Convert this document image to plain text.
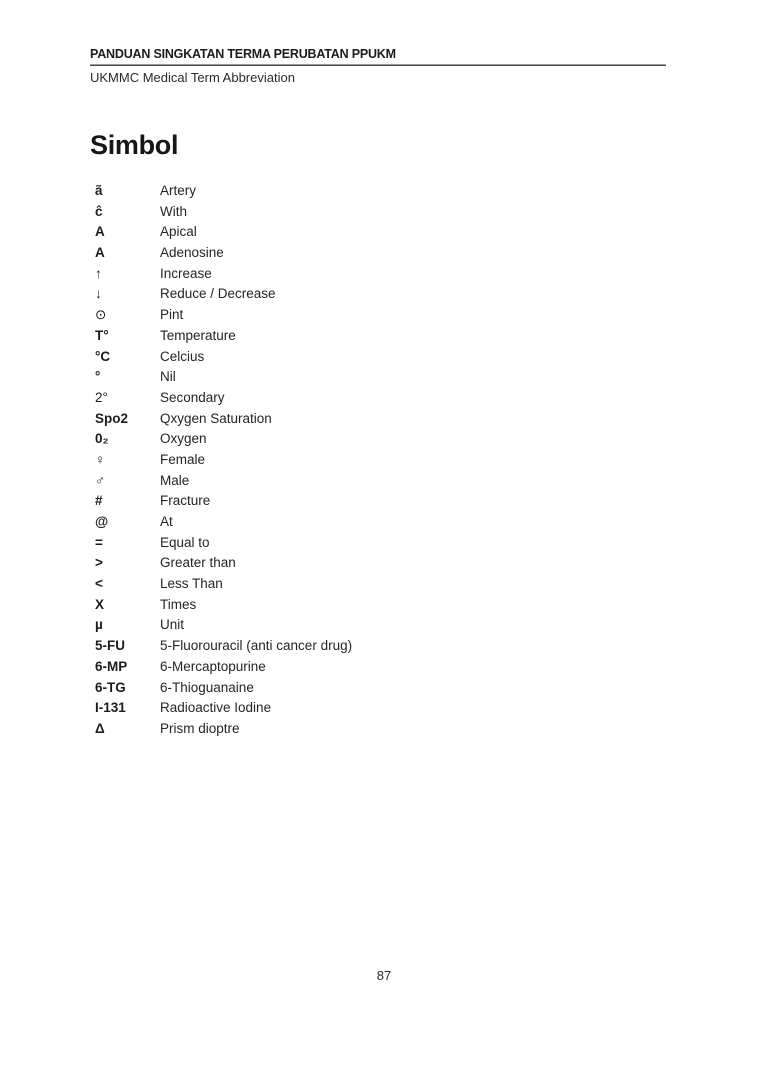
PANDUAN SINGKATAN TERMA PERUBATAN PPUKM
UKMMC Medical Term Abbreviation
Simbol
ã	Artery
ĉ	With
A	Apical
A	Adenosine
↑	Increase
↓	Reduce / Decrease
⊙	Pint
T°	Temperature
°C	Celcius
°	Nil
2°	Secondary
Spo2	Qxygen Saturation
0₂	Oxygen
♀	Female
♂	Male
#	Fracture
@	At
=	Equal to
>	Greater than
<	Less Than
X	Times
µ	Unit
5-FU	5-Fluorouracil (anti cancer drug)
6-MP	6-Mercaptopurine
6-TG	6-Thioguanaine
I-131	Radioactive Iodine
Δ	Prism dioptre
87
